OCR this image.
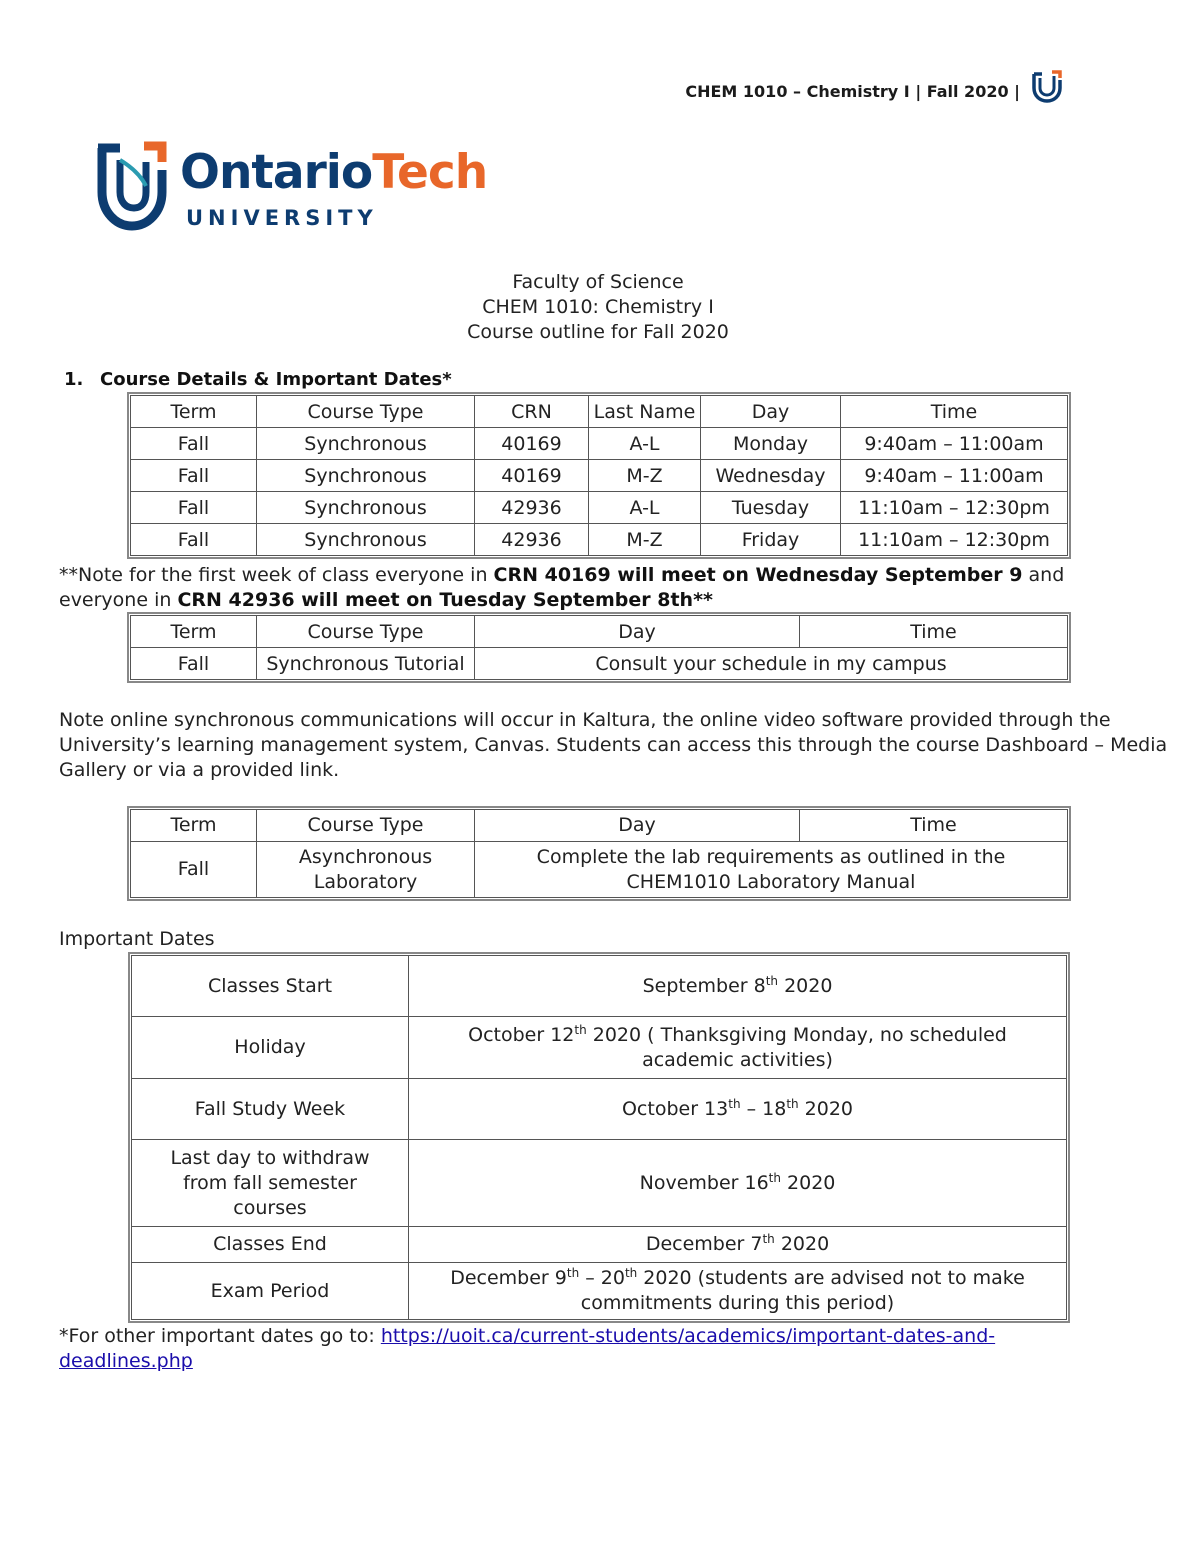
CHEM 1010 – Chemistry I | Fall 2020 |
OntarioTech
UNIVERSITY
Faculty of Science
CHEM 1010: Chemistry I
Course outline for Fall 2020
1. Course Details & Important Dates*
Term	Course Type	CRN	Last Name	Day	Time
Fall	Synchronous	40169	A-L	Monday	9:40am – 11:00am
Fall	Synchronous	40169	M-Z	Wednesday	9:40am – 11:00am
Fall	Synchronous	42936	A-L	Tuesday	11:10am – 12:30pm
Fall	Synchronous	42936	M-Z	Friday	11:10am – 12:30pm
**Note for the first week of class everyone in CRN 40169 will meet on Wednesday September 9 and everyone in CRN 42936 will meet on Tuesday September 8th**
Term	Course Type	Day	Time
Fall	Synchronous Tutorial	Consult your schedule in my campus	
Note online synchronous communications will occur in Kaltura, the online video software provided through the University’s learning management system, Canvas. Students can access this through the course Dashboard – Media Gallery or via a provided link.
Term	Course Type	Day	Time
Fall	Asynchronous Laboratory	Complete the lab requirements as outlined in the CHEM1010 Laboratory Manual	
Important Dates
Classes Start	September 8th 2020
Holiday	October 12th 2020 ( Thanksgiving Monday, no scheduled academic activities)
Fall Study Week	October 13th – 18th 2020
Last day to withdraw from fall semester courses	November 16th 2020
Classes End	December 7th 2020
Exam Period	December 9th – 20th 2020 (students are advised not to make commitments during this period)
*For other important dates go to: https://uoit.ca/current-students/academics/important-dates-and-deadlines.php
